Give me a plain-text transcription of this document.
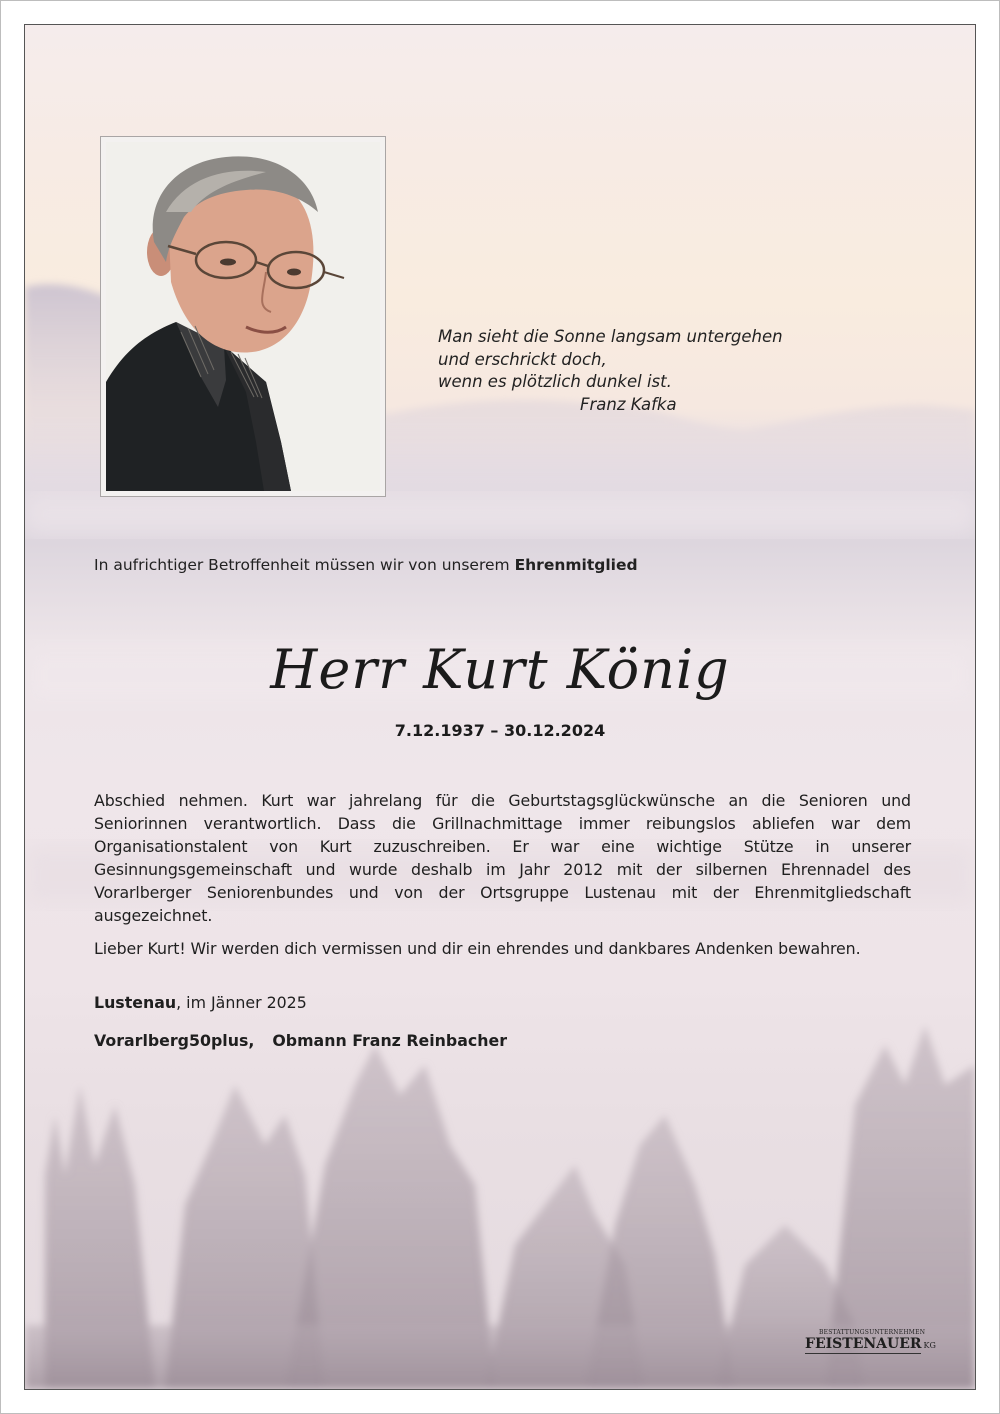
Man sieht die Sonne langsam untergehen
und erschrickt doch,
wenn es plötzlich dunkel ist.
Franz Kafka
In aufrichtiger Betroffenheit müssen wir von unserem Ehrenmitglied
Herr Kurt König
7.12.1937 – 30.12.2024

Abschied nehmen. Kurt war jahrelang für die Geburtstagsglückwünsche an die Senioren und Seniorinnen verantwortlich. Dass die Grillnachmittage immer reibungslos abliefen war dem Organisationstalent von Kurt zuzuschreiben. Er war eine wichtige Stütze in unserer Gesinnungsgemeinschaft und wurde deshalb im Jahr 2012 mit der silbernen Ehrennadel des Vorarlberger Seniorenbundes und von der Ortsgruppe Lustenau mit der Ehrenmitgliedschaft ausgezeichnet.

Lieber Kurt! Wir werden dich vermissen und dir ein ehrendes und dankbares Andenken bewahren.

Lustenau, im Jänner 2025
Vorarlberg50plus, Obmann Franz Reinbacher
BESTATTUNGSUNTERNEHMEN
FEISTENAUER KG
